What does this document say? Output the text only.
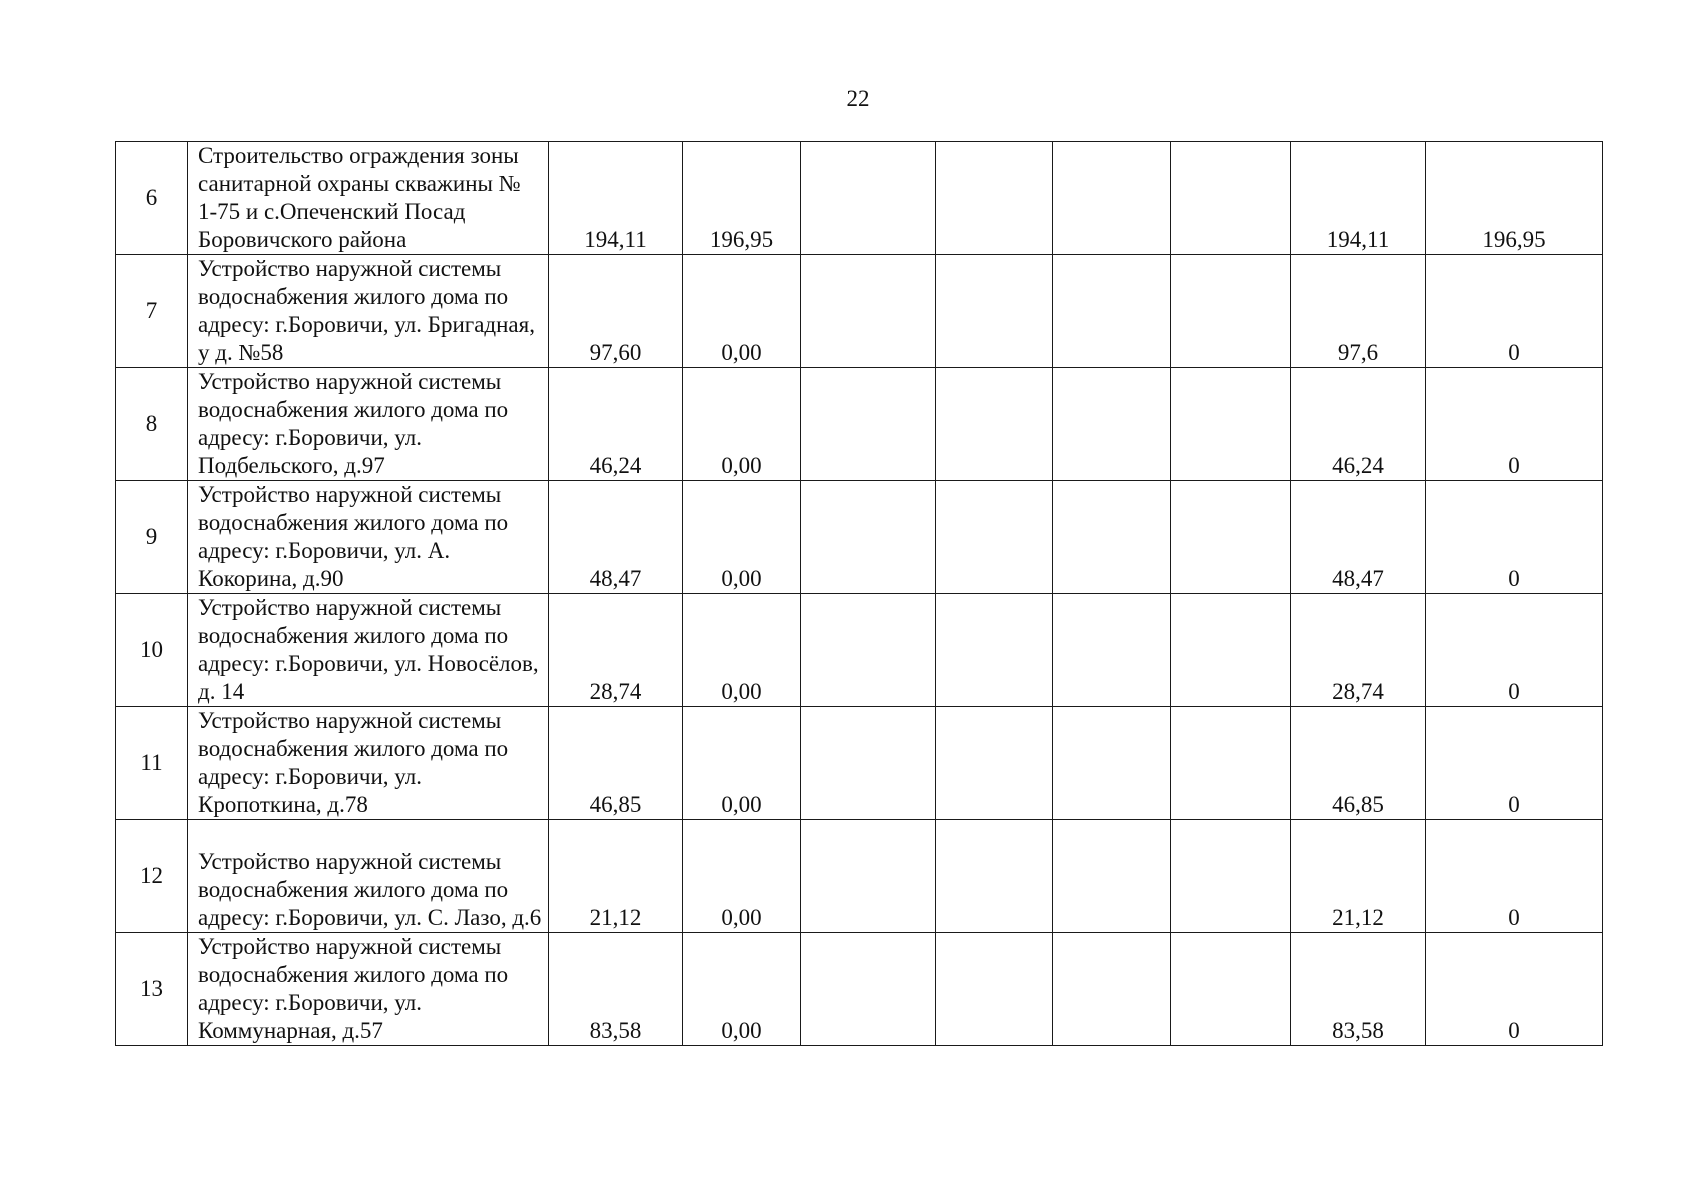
22
6	Строительство ограждения зоны санитарной охраны скважины № 1-75 и с.Опеченский Посад Боровичского района	194,11	196,95					194,11	196,95
7	Устройство наружной системы водоснабжения жилого дома по адресу: г.Боровичи, ул. Бригадная, у д. №58	97,60	0,00					97,6	0
8	Устройство наружной системы водоснабжения жилого дома по адресу: г.Боровичи, ул. Подбельского, д.97	46,24	0,00					46,24	0
9	Устройство наружной системы водоснабжения жилого дома по адресу: г.Боровичи, ул. А. Кокорина, д.90	48,47	0,00					48,47	0
10	Устройство наружной системы водоснабжения жилого дома по адресу: г.Боровичи, ул. Новосёлов, д. 14	28,74	0,00					28,74	0
11	Устройство наружной системы водоснабжения жилого дома по адресу: г.Боровичи, ул. Кропоткина, д.78	46,85	0,00					46,85	0
12	Устройство наружной системы водоснабжения жилого дома по адресу: г.Боровичи, ул. С. Лазо, д.6	21,12	0,00					21,12	0
13	Устройство наружной системы водоснабжения жилого дома по адресу: г.Боровичи, ул. Коммунарная, д.57	83,58	0,00					83,58	0
